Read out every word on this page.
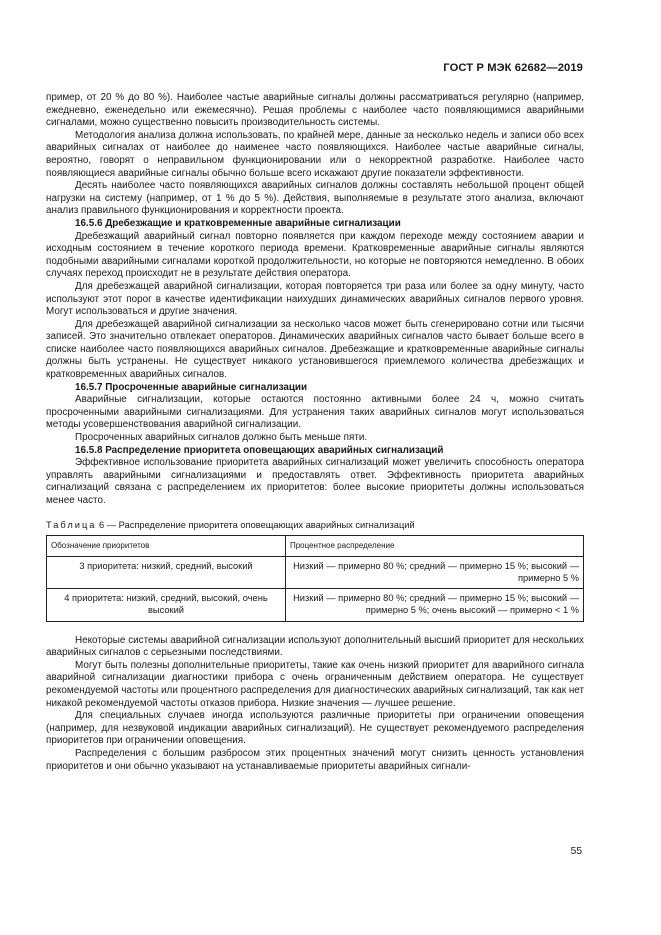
ГОСТ Р МЭК 62682—2019

пример, от 20 % до 80 %). Наиболее частые аварийные сигналы должны рассматриваться регулярно (например, ежедневно, еженедельно или ежемесячно). Решая проблемы с наиболее часто появляющимися аварийными сигналами, можно существенно повысить производительность системы.

Методология анализа должна использовать, по крайней мере, данные за несколько недель и записи обо всех аварийных сигналах от наиболее до наименее часто появляющихся. Наиболее частые аварийные сигналы, вероятно, говорят о неправильном функционировании или о некорректной разработке. Наиболее часто появляющиеся аварийные сигналы обычно больше всего искажают другие показатели эффективности.

Десять наиболее часто появляющихся аварийных сигналов должны составлять небольшой процент общей нагрузки на систему (например, от 1 % до 5 %). Действия, выполняемые в результате этого анализа, включают анализ правильного функционирования и корректности проекта.

16.5.6 Дребезжащие и кратковременные аварийные сигнализации

Дребезжащий аварийный сигнал повторно появляется при каждом переходе между состоянием аварии и исходным состоянием в течение короткого периода времени. Кратковременные аварийные сигналы являются подобными аварийными сигналами короткой продолжительности, но которые не повторяются немедленно. В обоих случаях переход происходит не в результате действия оператора.

Для дребезжащей аварийной сигнализации, которая повторяется три раза или более за одну минуту, часто используют этот порог в качестве идентификации наихудших динамических аварийных сигналов первого уровня. Могут использоваться и другие значения.

Для дребезжащей аварийной сигнализации за несколько часов может быть сгенерировано сотни или тысячи записей. Это значительно отвлекает операторов. Динамических аварийных сигналов часто бывает больше всего в списке наиболее часто появляющихся аварийных сигналов. Дребезжащие и кратковременные аварийные сигналы должны быть устранены. Не существует никакого установившегося приемлемого количества дребезжащих и кратковременных аварийных сигналов.

16.5.7 Просроченные аварийные сигнализации

Аварийные сигнализации, которые остаются постоянно активными более 24 ч, можно считать просроченными аварийными сигнализациями. Для устранения таких аварийных сигналов могут использоваться методы усовершенствования аварийной сигнализации.

Просроченных аварийных сигналов должно быть меньше пяти.

16.5.8 Распределение приоритета оповещающих аварийных сигнализаций

Эффективное использование приоритета аварийных сигнализаций может увеличить способность оператора управлять аварийными сигнализациями и предоставлять ответ. Эффективность приоритета аварийных сигнализаций связана с распределением их приоритетов: более высокие приоритеты должны использоваться менее часто.

Таблица 6 — Распределение приоритета оповещающих аварийных сигнализаций

Обозначение приоритетов	Процентное распределение
3 приоритета: низкий, средний, высокий	Низкий — примерно 80 %; средний — примерно 15 %; высокий — примерно 5 %
4 приоритета: низкий, средний, высокий, очень высокий	Низкий — примерно 80 %; средний — примерно 15 %; высокий — примерно 5 %; очень высокий — примерно < 1 %

Некоторые системы аварийной сигнализации используют дополнительный высший приоритет для нескольких аварийных сигналов с серьезными последствиями.

Могут быть полезны дополнительные приоритеты, такие как очень низкий приоритет для аварийного сигнала аварийной сигнализации диагностики прибора с очень ограниченным действием оператора. Не существует рекомендуемой частоты или процентного распределения для диагностических аварийных сигнализаций, так как нет никакой рекомендуемой частоты отказов прибора. Низкие значения — лучшее решение.

Для специальных случаев иногда используются различные приоритеты при ограничении оповещения (например, для незвуковой индикации аварийных сигнализаций). Не существует рекомендуемого распределения приоритетов при ограничении оповещения.

Распределения с большим разбросом этих процентных значений могут снизить ценность установления приоритетов и они обычно указывают на устанавливаемые приоритеты аварийных сигнали-

55
